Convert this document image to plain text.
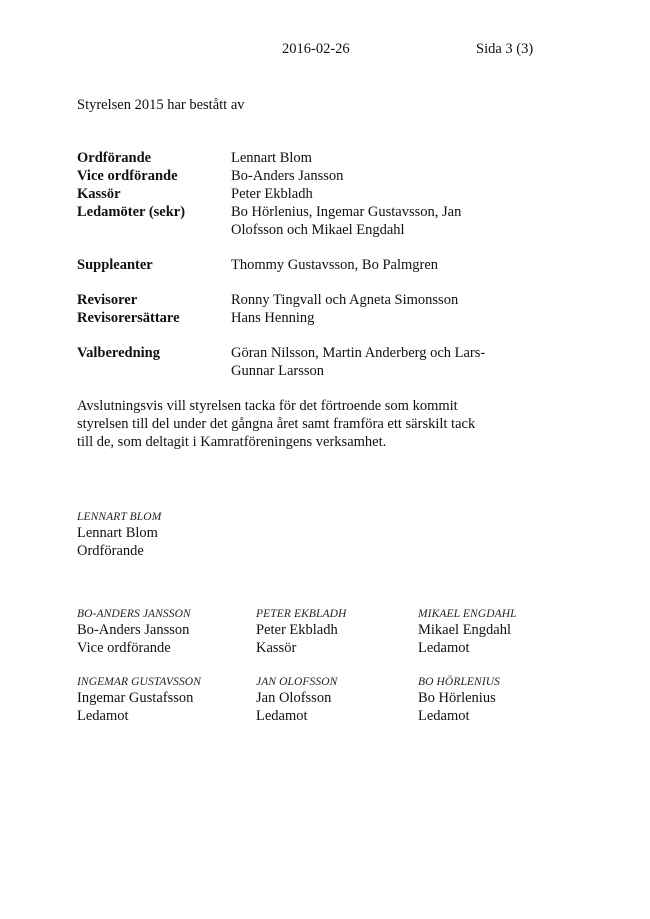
2016-02-26	Sida 3 (3)
Styrelsen 2015 har bestått av
Ordförande	Lennart Blom
Vice ordförande	Bo-Anders Jansson
Kassör	Peter Ekbladh
Ledamöter (sekr)	Bo Hörlenius, Ingemar Gustavsson, Jan Olofsson och Mikael Engdahl
Suppleanter	Thommy Gustavsson, Bo Palmgren
Revisorer	Ronny Tingvall och Agneta Simonsson
Revisorersättare	Hans Henning
Valberedning	Göran Nilsson, Martin Anderberg och Lars-Gunnar Larsson
Avslutningsvis vill styrelsen tacka för det förtroende som kommit styrelsen till del under det gångna året samt framföra ett särskilt tack till de, som deltagit i Kamratföreningens verksamhet.
LENNART BLOM
Lennart Blom
Ordförande
BO-ANDERS JANSSON
Bo-Anders Jansson
Vice ordförande
PETER EKBLADH
Peter Ekbladh
Kassör
MIKAEL ENGDAHL
Mikael Engdahl
Ledamot
INGEMAR GUSTAVSSON
Ingemar Gustafsson
Ledamot
JAN OLOFSSON
Jan Olofsson
Ledamot
BO HÖRLENIUS
Bo Hörlenius
Ledamot
